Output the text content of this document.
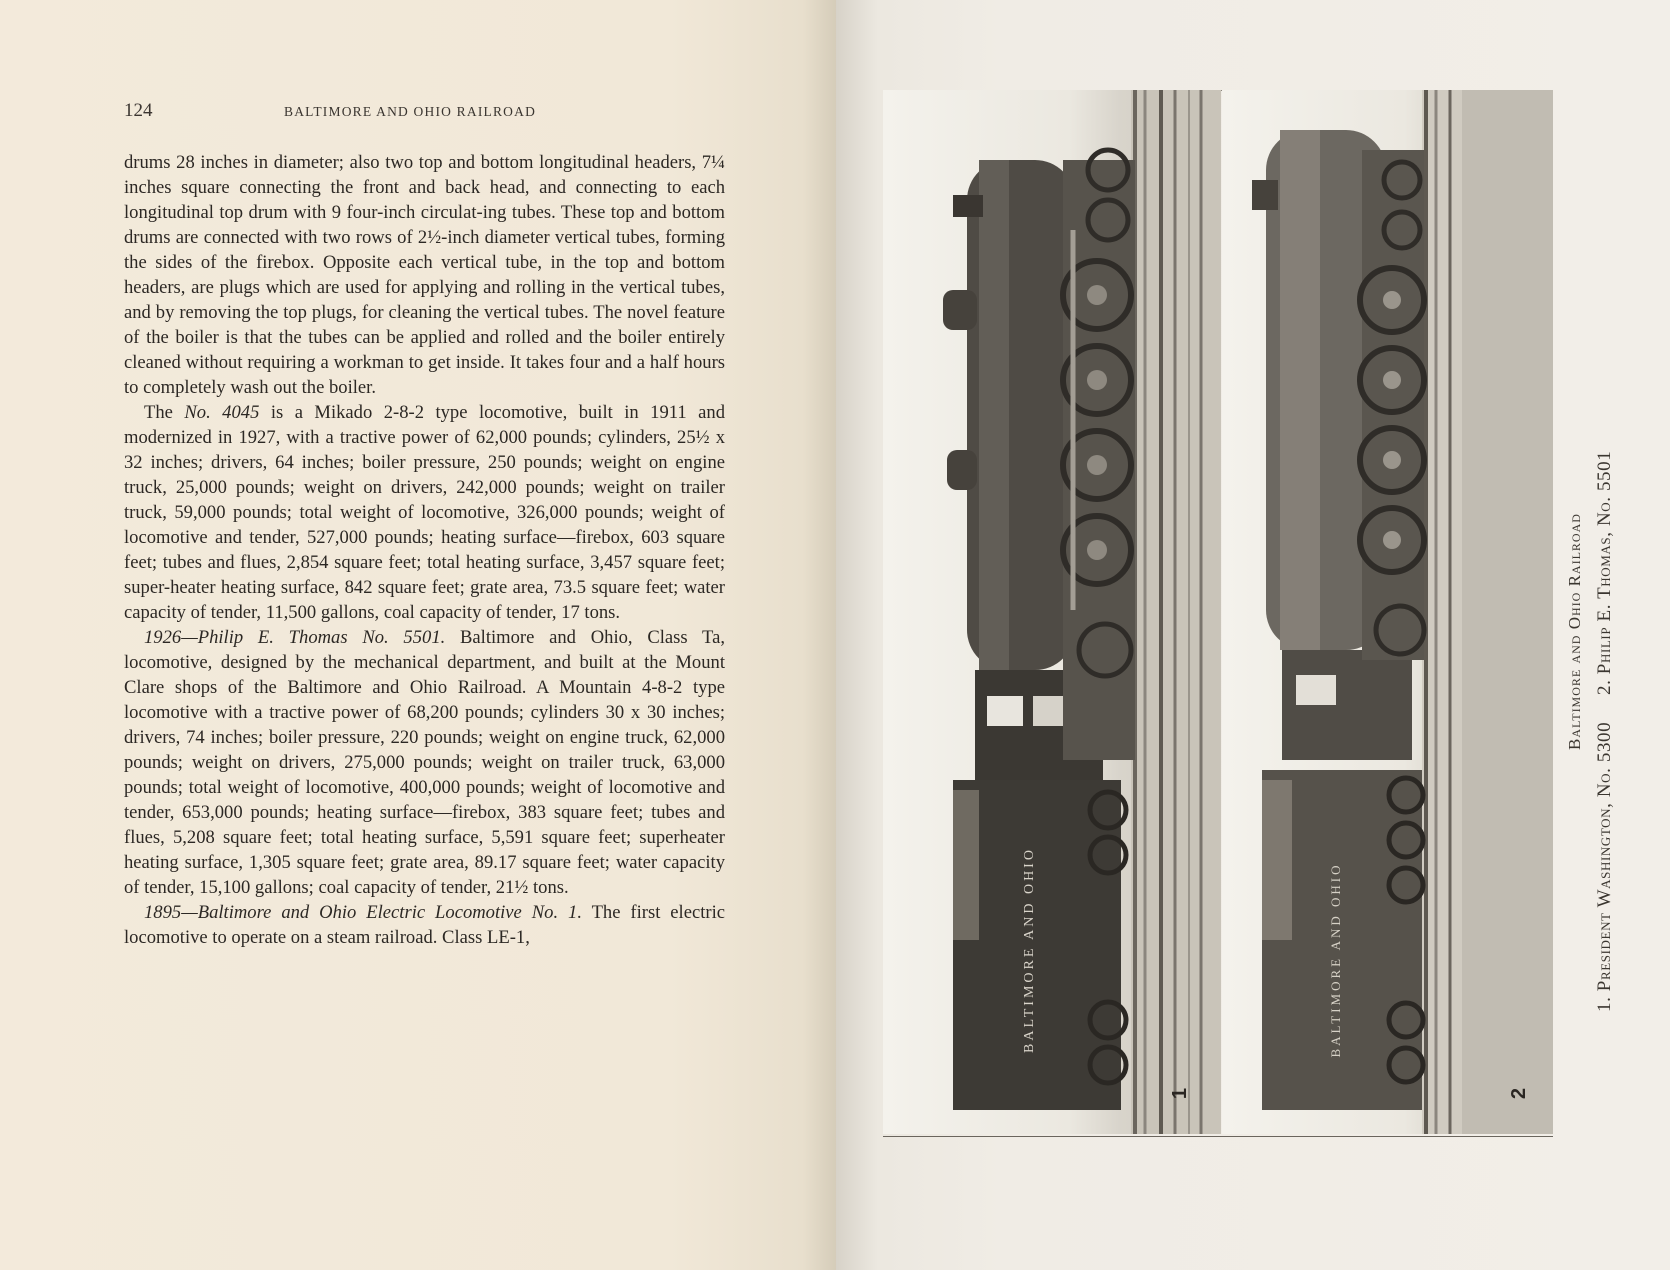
124	BALTIMORE AND OHIO RAILROAD

drums 28 inches in diameter; also two top and bottom longitudinal headers, 7¼ inches square connecting the front and back head, and connecting to each longitudinal top drum with 9 four-inch circulat-ing tubes. These top and bottom drums are connected with two rows of 2½-inch diameter vertical tubes, forming the sides of the firebox. Opposite each vertical tube, in the top and bottom headers, are plugs which are used for applying and rolling in the vertical tubes, and by removing the top plugs, for cleaning the vertical tubes. The novel feature of the boiler is that the tubes can be applied and rolled and the boiler entirely cleaned without requiring a workman to get inside. It takes four and a half hours to completely wash out the boiler.

The No. 4045 is a Mikado 2-8-2 type locomotive, built in 1911 and modernized in 1927, with a tractive power of 62,000 pounds; cylinders, 25½ x 32 inches; drivers, 64 inches; boiler pressure, 250 pounds; weight on engine truck, 25,000 pounds; weight on drivers, 242,000 pounds; weight on trailer truck, 59,000 pounds; total weight of locomotive, 326,000 pounds; weight of locomotive and tender, 527,000 pounds; heating surface—firebox, 603 square feet; tubes and flues, 2,854 square feet; total heating surface, 3,457 square feet; super-heater heating surface, 842 square feet; grate area, 73.5 square feet; water capacity of tender, 11,500 gallons, coal capacity of tender, 17 tons.

1926—Philip E. Thomas No. 5501. Baltimore and Ohio, Class Ta, locomotive, designed by the mechanical department, and built at the Mount Clare shops of the Baltimore and Ohio Railroad. A Mountain 4-8-2 type locomotive with a tractive power of 68,200 pounds; cylinders 30 x 30 inches; drivers, 74 inches; boiler pressure, 220 pounds; weight on engine truck, 62,000 pounds; weight on drivers, 275,000 pounds; weight on trailer truck, 63,000 pounds; total weight of locomotive, 400,000 pounds; weight of locomotive and tender, 653,000 pounds; heating surface—firebox, 383 square feet; tubes and flues, 5,208 square feet; total heating surface, 5,591 square feet; superheater heating surface, 1,305 square feet; grate area, 89.17 square feet; water capacity of tender, 15,100 gallons; coal capacity of tender, 21½ tons.

1895—Baltimore and Ohio Electric Locomotive No. 1. The first electric locomotive to operate on a steam railroad. Class LE-1,	BALTIMORE AND OHIO
1
BALTIMORE AND OHIO
2
Baltimore and Ohio Railroad 1. President Washington, No. 5300     2. Philip E. Thomas, No. 5501
